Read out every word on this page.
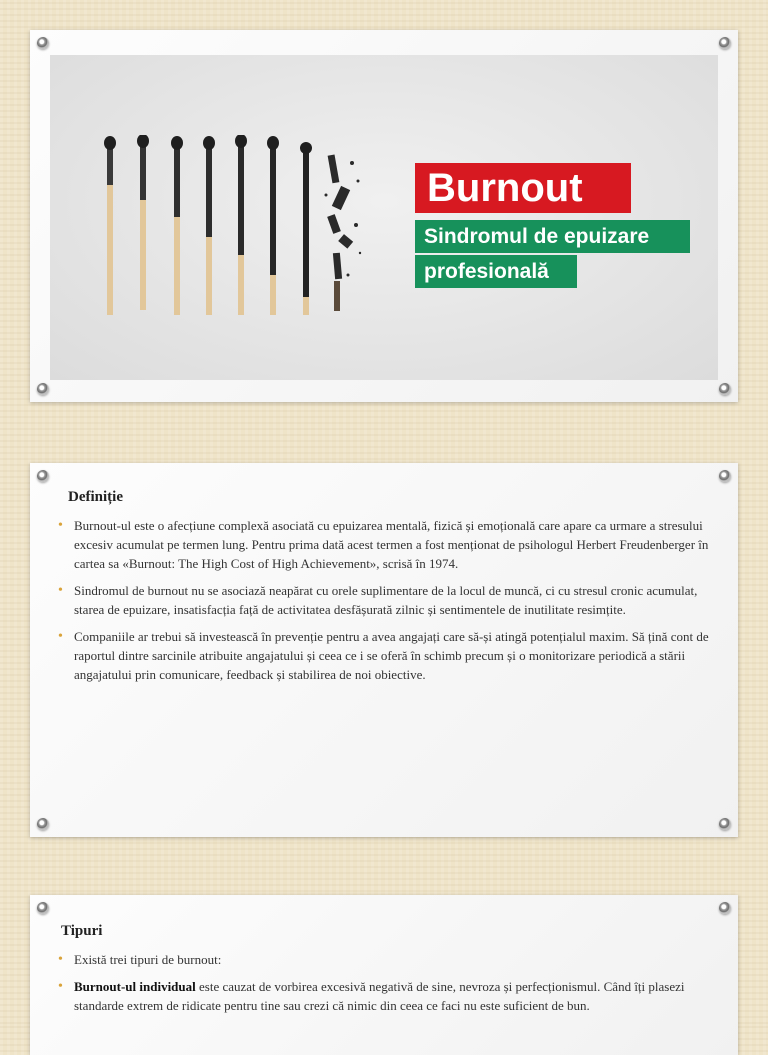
Burnout
Sindromul de epuizare
profesională
Definiție
• Burnout-ul este o afecțiune complexă asociată cu epuizarea mentală, fizică și emoțională care apare ca urmare a stresului excesiv acumulat pe termen lung. Pentru prima dată acest termen a fost menționat de psihologul Herbert Freudenberger în cartea sa «Burnout: The High Cost of High Achievement», scrisă în 1974.
• Sindromul de burnout nu se asociază neapărat cu orele suplimentare de la locul de muncă, ci cu stresul cronic acumulat, starea de epuizare, insatisfacția față de activitatea desfășurată zilnic și sentimentele de inutilitate resimțite.
• Companiile ar trebui să investească în prevenție pentru a avea angajați care să-și atingă potențialul maxim. Să țină cont de raportul dintre sarcinile atribuite angajatului și ceea ce i se oferă în schimb precum și o monitorizare periodică a stării angajatului prin comunicare, feedback și stabilirea de noi obiective.
Tipuri
• Există trei tipuri de burnout:
• Burnout-ul individual este cauzat de vorbirea excesivă negativă de sine, nevroza și perfecționismul. Când îți plasezi standarde extrem de ridicate pentru tine sau crezi că nimic din ceea ce faci nu este suficient de bun.
